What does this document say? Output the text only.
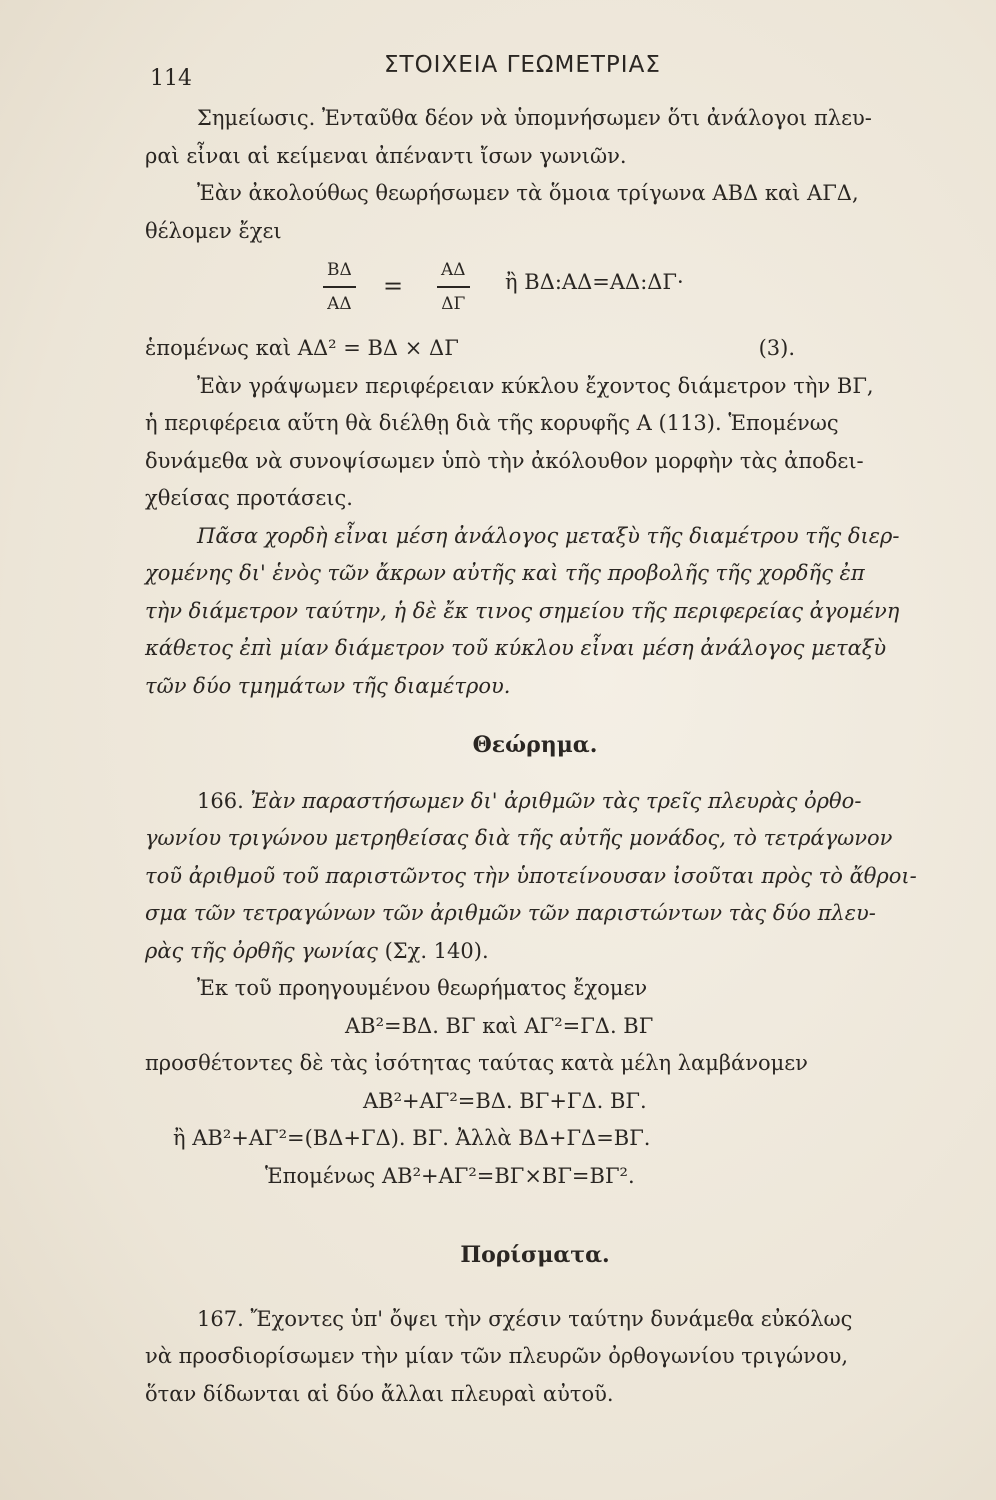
114
ΣΤΟΙΧΕΙΑ ΓΕΩΜΕΤΡΙΑΣ

Σημείωσις. Ἐνταῦθα δέον νὰ ὑπομνήσωμεν ὅτι ἀνάλογοι πλευ-

ραὶ εἶναι αἱ κείμεναι ἀπέναντι ἴσων γωνιῶν.

Ἐὰν ἀκολούθως θεωρήσωμεν τὰ ὅμοια τρίγωνα ΑΒΔ καὶ ΑΓΔ,

θέλομεν ἔχει

$\frac{B\Delta}{A\Delta} = \frac{A\Delta}{\Delta\Gamma}$ ἢ ΒΔ:ΑΔ=ΑΔ:ΔΓ·

ἑπομένως καὶ ΑΔ² = ΒΔ × ΔΓ	(3).

Ἐὰν γράψωμεν περιφέρειαν κύκλου ἔχοντος διάμετρον τὴν ΒΓ,

ἡ περιφέρεια αὕτη θὰ διέλθῃ διὰ τῆς κορυφῆς Α (113). Ἑπομένως

δυνάμεθα νὰ συνοψίσωμεν ὑπὸ τὴν ἀκόλουθον μορφὴν τὰς ἀποδει-

χθείσας προτάσεις.

Πᾶσα χορδὴ εἶναι μέση ἀνάλογος μεταξὺ τῆς διαμέτρου τῆς διερ-

χομένης δι' ἑνὸς τῶν ἄκρων αὐτῆς καὶ τῆς προβολῆς τῆς χορδῆς ἐπ

τὴν διάμετρον ταύτην, ἡ δὲ ἔκ τινος σημείου τῆς περιφερείας ἀγομένη

κάθετος ἐπὶ μίαν διάμετρον τοῦ κύκλου εἶναι μέση ἀνάλογος μεταξὺ

τῶν δύο τμημάτων τῆς διαμέτρου.

Θεώρημα.

166. Ἐὰν παραστήσωμεν δι' ἀριθμῶν τὰς τρεῖς πλευρὰς ὀρθο-

γωνίου τριγώνου μετρηθείσας διὰ τῆς αὐτῆς μονάδος, τὸ τετράγωνον

τοῦ ἀριθμοῦ τοῦ παριστῶντος τὴν ὑποτείνουσαν ἰσοῦται πρὸς τὸ ἄθροι-

σμα τῶν τετραγώνων τῶν ἀριθμῶν τῶν παριστώντων τὰς δύο πλευ-

ρὰς τῆς ὀρθῆς γωνίας (Σχ. 140).

Ἐκ τοῦ προηγουμένου θεωρήματος ἔχομεν

ΑΒ²=ΒΔ. ΒΓ καὶ ΑΓ²=ΓΔ. ΒΓ

προσθέτοντες δὲ τὰς ἰσότητας ταύτας κατὰ μέλη λαμβάνομεν

ΑΒ²+ΑΓ²=ΒΔ. ΒΓ+ΓΔ. ΒΓ.

ἢ ΑΒ²+ΑΓ²=(ΒΔ+ΓΔ). ΒΓ. Ἀλλὰ ΒΔ+ΓΔ=ΒΓ.

Ἑπομένως ΑΒ²+ΑΓ²=ΒΓ×ΒΓ=ΒΓ².

Πορίσματα.

167. Ἔχοντες ὑπ' ὄψει τὴν σχέσιν ταύτην δυνάμεθα εὐκόλως

νὰ προσδιορίσωμεν τὴν μίαν τῶν πλευρῶν ὀρθογωνίου τριγώνου,

ὅταν δίδωνται αἱ δύο ἄλλαι πλευραὶ αὐτοῦ.
